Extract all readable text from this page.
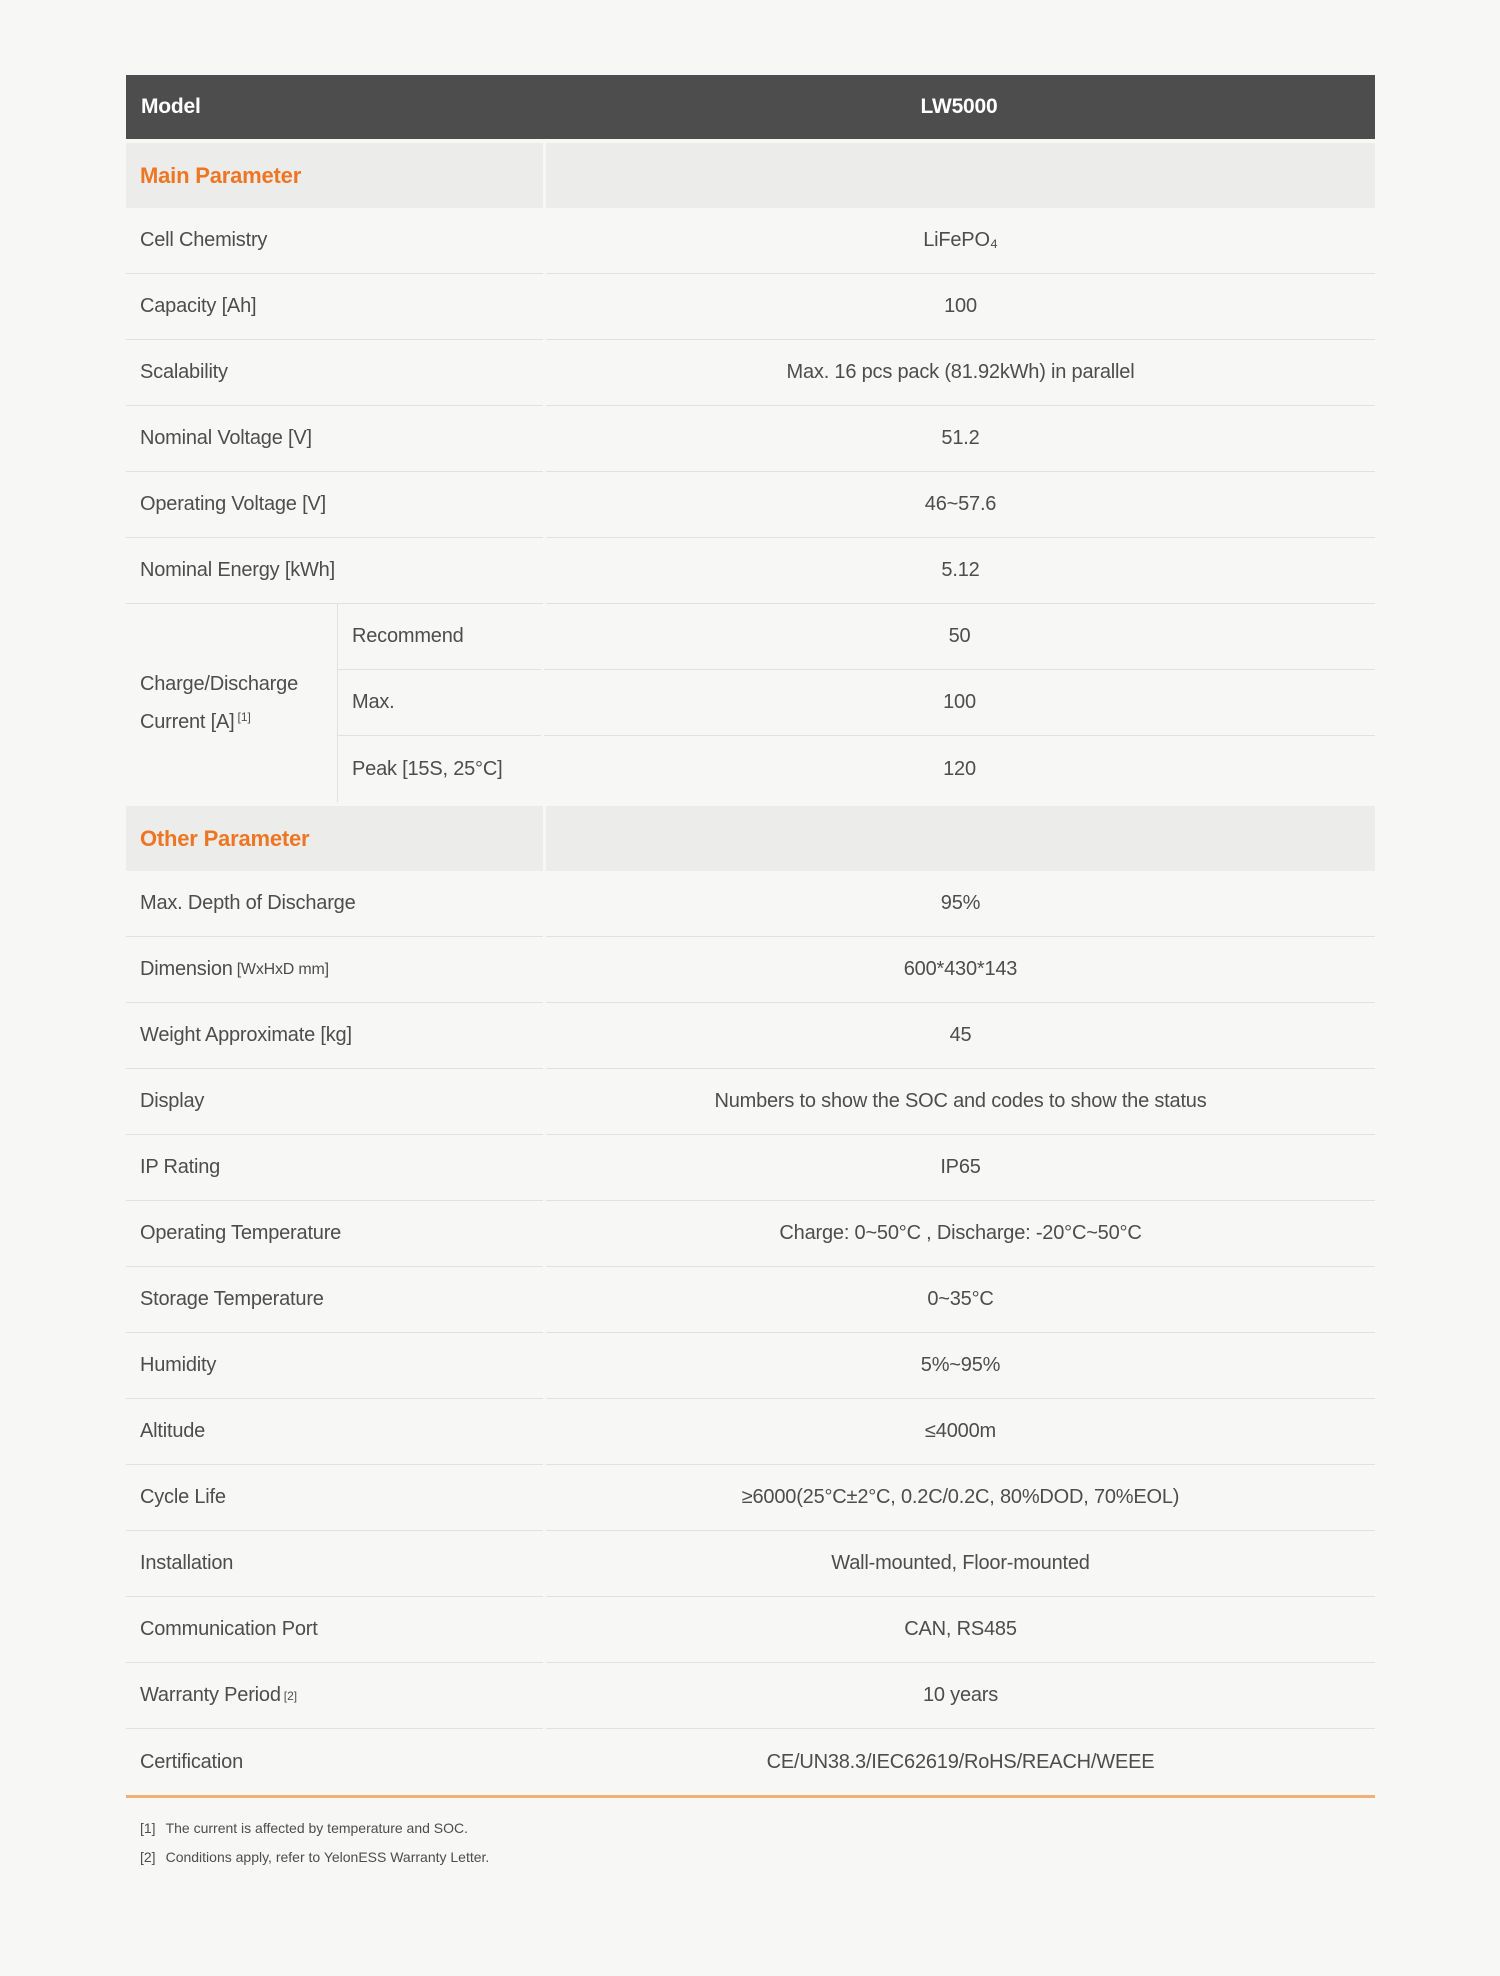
Model	LW5000
Main Parameter
Cell Chemistry	LiFePO₄
Capacity [Ah]	100
Scalability	Max. 16 pcs pack (81.92kWh) in parallel
Nominal Voltage [V]	51.2
Operating Voltage [V]	46~57.6
Nominal Energy [kWh]	5.12
Charge/Discharge
Current [A] [1]
Recommend	50
Max.	100
Peak [15S, 25°C]	120
Other Parameter
Max. Depth of Discharge	95%
Dimension [WxHxD mm]	600*430*143
Weight Approximate [kg]	45
Display	Numbers to show the SOC and codes to show the status
IP Rating	IP65
Operating Temperature	Charge: 0~50°C , Discharge: -20°C~50°C
Storage Temperature	0~35°C
Humidity	5%~95%
Altitude	≤4000m
Cycle Life	≥6000(25°C±2°C, 0.2C/0.2C, 80%DOD, 70%EOL)
Installation	Wall-mounted, Floor-mounted
Communication Port	CAN, RS485
Warranty Period [2]	10 years
Certification	CE/UN38.3/IEC62619/RoHS/REACH/WEEE
[1] The current is affected by temperature and SOC.
[2] Conditions apply, refer to YelonESS Warranty Letter.
